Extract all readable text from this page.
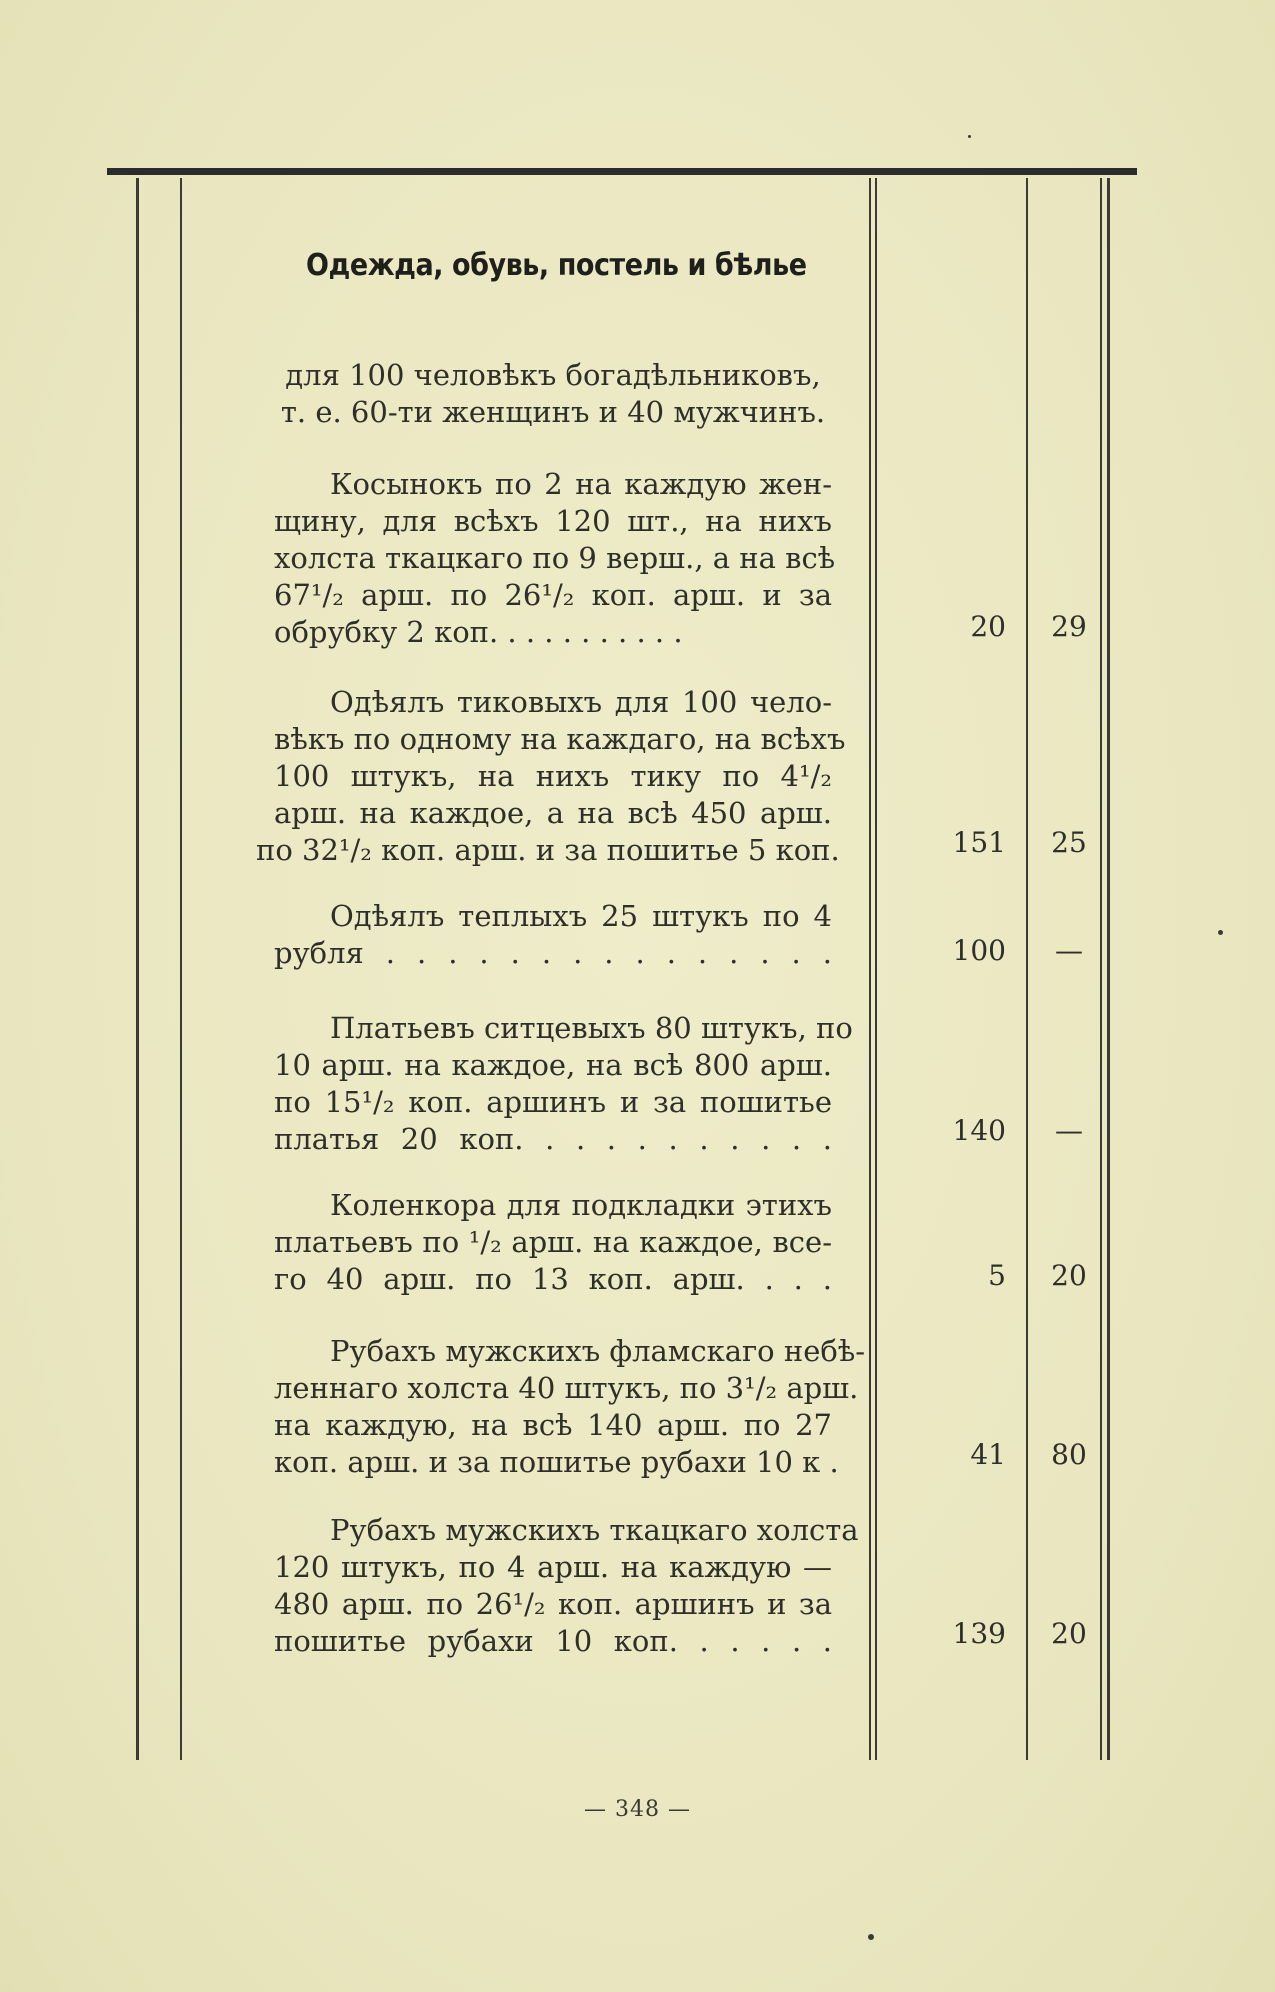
Одежда, обувь, постель и бѣлье
для 100 человѣкъ богадѣльниковъ,
т. е. 60-ти женщинъ и 40 мужчинъ.
Косынокъ по 2 на каждую жен-
щину, для всѣхъ 120 шт., на нихъ
холста ткацкаго по 9 верш., а на всѣ
67¹/₂ арш. по 26¹/₂ коп. арш. и за
обрубку 2 коп. . . . . . . . . . .	20	29
Одѣялъ тиковыхъ для 100 чело-
вѣкъ по одному на каждаго, на всѣхъ
100 штукъ, на нихъ тику по 4¹/₂
арш. на каждое, а на всѣ 450 арш.
по 32¹/₂ коп. арш. и за пошитье 5 коп.	151	25
Одѣялъ теплыхъ 25 штукъ по 4
рубля . . . . . . . . . . . . . . .	100	—
Платьевъ ситцевыхъ 80 штукъ, по
10 арш. на каждое, на всѣ 800 арш.
по 15¹/₂ коп. аршинъ и за пошитье
платья 20 коп. . . . . . . . . . .	140	—
Коленкора для подкладки этихъ
платьевъ по ¹/₂ арш. на каждое, все-
го 40 арш. по 13 коп. арш. . . .	5	20
Рубахъ мужскихъ фламскаго небѣ-
леннаго холста 40 штукъ, по 3¹/₂ арш.
на каждую, на всѣ 140 арш. по 27
коп. арш. и за пошитье рубахи 10 к .	41	80
Рубахъ мужскихъ ткацкаго холста
120 штукъ, по 4 арш. на каждую —
480 арш. по 26¹/₂ коп. аршинъ и за
пошитье рубахи 10 коп. . . . . .	139	20
— 348 —
